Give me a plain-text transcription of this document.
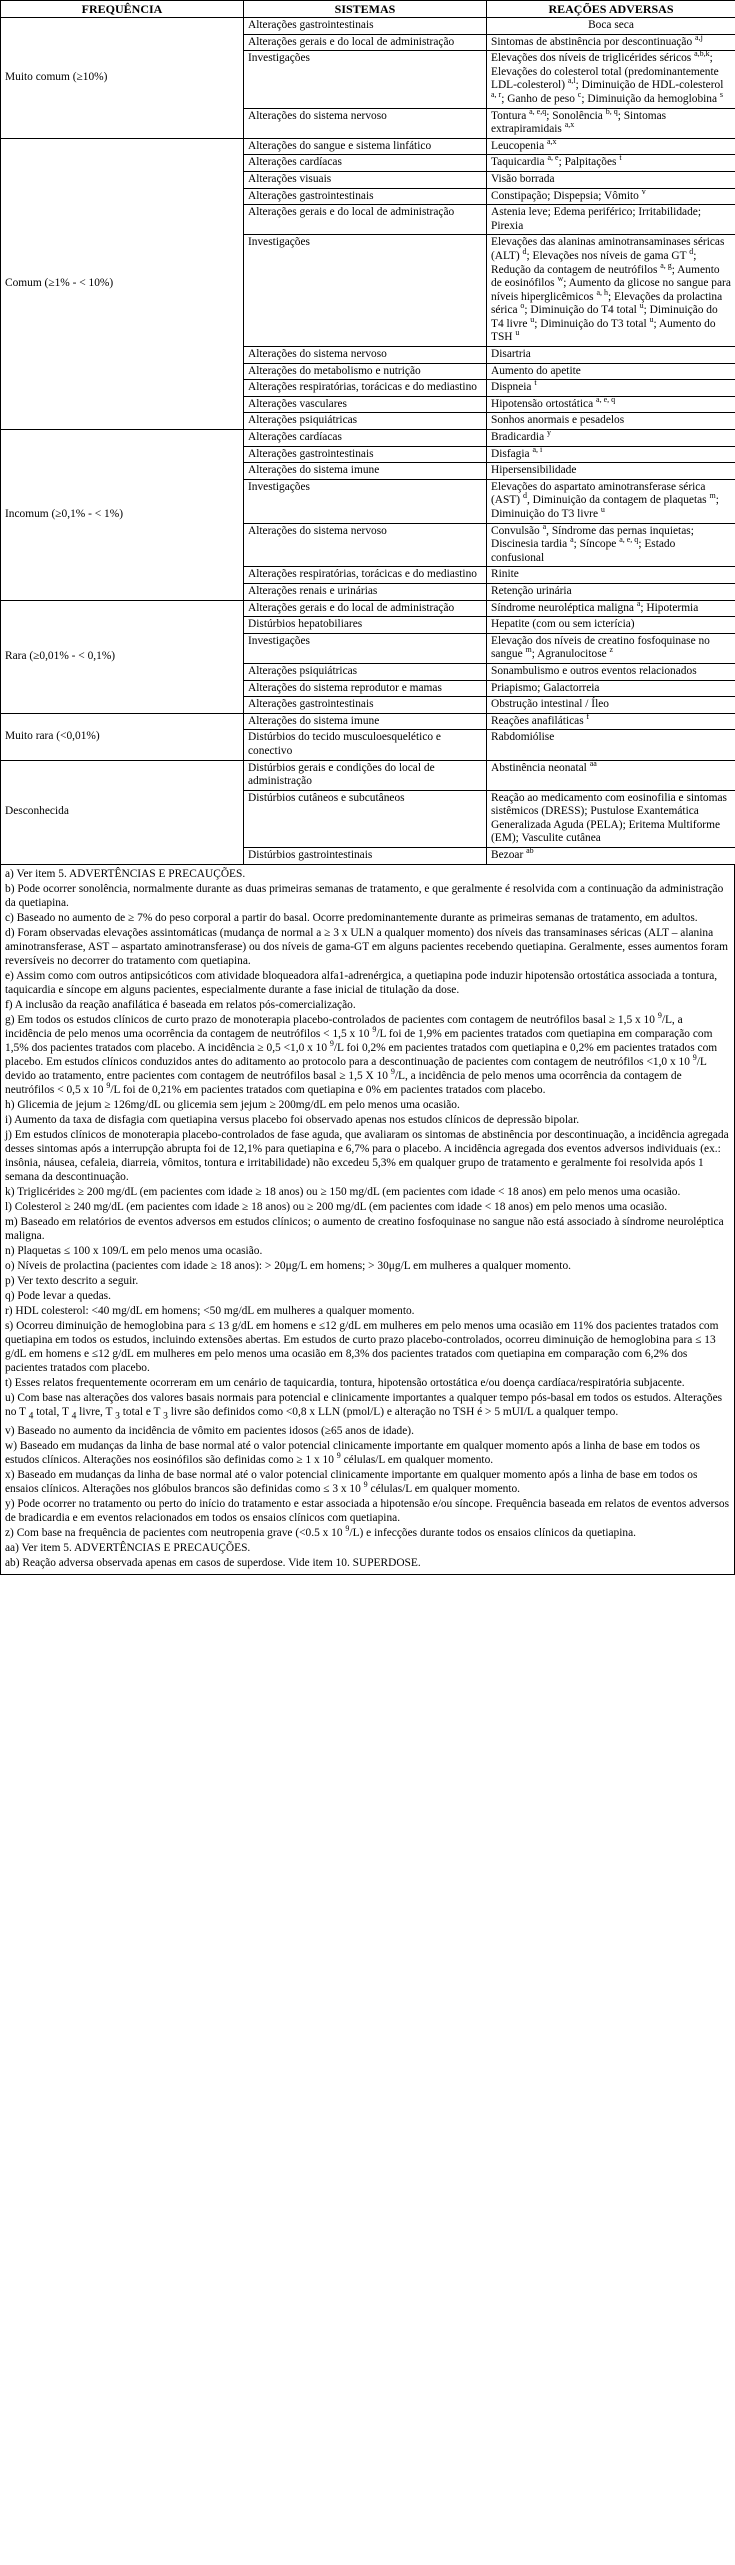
FREQUÊNCIA	SISTEMAS	REAÇÕES ADVERSAS
Muito comum (≥10%)	Alterações gastrointestinais	Boca seca
	Alterações gerais e do local de administração	Sintomas de abstinência por descontinuação $^{a,j}$
	Investigações	Elevações dos níveis de triglicérides séricos $^{a,b,k}$; Elevações do colesterol total (predominantemente LDL-colesterol) $^{a,l}$; Diminuição de HDL-colesterol $^{a, r}$; Ganho de peso $^c$; Diminuição da hemoglobina $^s$
	Alterações do sistema nervoso	Tontura $^{a, e,q}$; Sonolência $^{b, q}$; Sintomas extrapiramidais $^{a,x}$
Comum (≥1% - < 10%)	Alterações do sangue e sistema linfático	Leucopenia $^{a,x}$
	Alterações cardíacas	Taquicardia $^{a, e}$; Palpitações $^t$
	Alterações visuais	Visão borrada
	Alterações gastrointestinais	Constipação; Dispepsia; Vômito $^v$
	Alterações gerais e do local de administração	Astenia leve; Edema periférico; Irritabilidade; Pirexia
	Investigações	Elevações das alaninas aminotransaminases séricas (ALT) $^d$; Elevações nos níveis de gama GT $^d$; Redução da contagem de neutrófilos $^{a, g}$; Aumento de eosinófilos $^w$; Aumento da glicose no sangue para níveis hiperglicêmicos $^{a, h}$; Elevações da prolactina sérica $^o$; Diminuição do T4 total $^u$; Diminuição do T4 livre $^u$; Diminuição do T3 total $^u$; Aumento do TSH $^u$
	Alterações do sistema nervoso	Disartria
	Alterações do metabolismo e nutrição	Aumento do apetite
	Alterações respiratórias, torácicas e do mediastino	Dispneia $^t$
	Alterações vasculares	Hipotensão ortostática $^{a, e, q}$
	Alterações psiquiátricas	Sonhos anormais e pesadelos
Incomum (≥0,1% - < 1%)	Alterações cardíacas	Bradicardia $^y$
	Alterações gastrointestinais	Disfagia $^{a, i}$
	Alterações do sistema imune	Hipersensibilidade
	Investigações	Elevações do aspartato aminotransferase sérica (AST) $^d$, Diminuição da contagem de plaquetas $^m$; Diminuição do T3 livre $^u$
	Alterações do sistema nervoso	Convulsão $^a$, Síndrome das pernas inquietas; Discinesia tardia $^a$; Síncope $^{a, e, q}$; Estado confusional
	Alterações respiratórias, torácicas e do mediastino	Rinite
	Alterações renais e urinárias	Retenção urinária
Rara (≥0,01% - < 0,1%)	Alterações gerais e do local de administração	Síndrome neuroléptica maligna $^a$; Hipotermia
	Distúrbios hepatobiliares	Hepatite (com ou sem icterícia)
	Investigações	Elevação dos níveis de creatino fosfoquinase no sangue $^m$; Agranulocitose $^z$
	Alterações psiquiátricas	Sonambulismo e outros eventos relacionados
	Alterações do sistema reprodutor e mamas	Priapismo; Galactorreia
	Alterações gastrointestinais	Obstrução intestinal / Íleo
Muito rara (<0,01%)	Alterações do sistema imune	Reações anafiláticas $^f$
	Distúrbios do tecido musculoesquelético e conectivo	Rabdomiólise
Desconhecida	Distúrbios gerais e condições do local de administração	Abstinência neonatal $^{aa}$
	Distúrbios cutâneos e subcutâneos	Reação ao medicamento com eosinofilia e sintomas sistêmicos (DRESS); Pustulose Exantemática Generalizada Aguda (PELA); Eritema Multiforme (EM); Vasculite cutânea
	Distúrbios gastrointestinais	Bezoar $^{ab}$

a) Ver item 5. ADVERTÊNCIAS E PRECAUÇÕES.

b) Pode ocorrer sonolência, normalmente durante as duas primeiras semanas de tratamento, e que geralmente é resolvida com a continuação da administração da quetiapina.

c) Baseado no aumento de ≥ 7% do peso corporal a partir do basal. Ocorre predominantemente durante as primeiras semanas de tratamento, em adultos.

d) Foram observadas elevações assintomáticas (mudança de normal a ≥ 3 x ULN a qualquer momento) dos níveis das transaminases séricas (ALT – alanina aminotransferase, AST – aspartato aminotransferase) ou dos níveis de gama-GT em alguns pacientes recebendo quetiapina. Geralmente, esses aumentos foram reversíveis no decorrer do tratamento com quetiapina.

e) Assim como com outros antipsicóticos com atividade bloqueadora alfa1-adrenérgica, a quetiapina pode induzir hipotensão ortostática associada a tontura, taquicardia e síncope em alguns pacientes, especialmente durante a fase inicial de titulação da dose.

f) A inclusão da reação anafilática é baseada em relatos pós-comercialização.

g) Em todos os estudos clínicos de curto prazo de monoterapia placebo-controlados de pacientes com contagem de neutrófilos basal ≥ 1,5 x 10 $^9$/L, a incidência de pelo menos uma ocorrência da contagem de neutrófilos < 1,5 x 10 $^9$/L foi de 1,9% em pacientes tratados com quetiapina em comparação com 1,5% dos pacientes tratados com placebo. A incidência ≥ 0,5 <1,0 x 10 $^9$/L foi 0,2% em pacientes tratados com quetiapina e 0,2% em pacientes tratados com placebo. Em estudos clínicos conduzidos antes do aditamento ao protocolo para a descontinuação de pacientes com contagem de neutrófilos <1,0 x 10 $^9$/L devido ao tratamento, entre pacientes com contagem de neutrófilos basal ≥ 1,5 X 10 $^9$/L, a incidência de pelo menos uma ocorrência da contagem de neutrófilos < 0,5 x 10 $^9$/L foi de 0,21% em pacientes tratados com quetiapina e 0% em pacientes tratados com placebo.

h) Glicemia de jejum ≥ 126mg/dL ou glicemia sem jejum ≥ 200mg/dL em pelo menos uma ocasião.

i) Aumento da taxa de disfagia com quetiapina versus placebo foi observado apenas nos estudos clínicos de depressão bipolar.

j) Em estudos clínicos de monoterapia placebo-controlados de fase aguda, que avaliaram os sintomas de abstinência por descontinuação, a incidência agregada desses sintomas após a interrupção abrupta foi de 12,1% para quetiapina e 6,7% para o placebo. A incidência agregada dos eventos adversos individuais (ex.: insônia, náusea, cefaleia, diarreia, vômitos, tontura e irritabilidade) não excedeu 5,3% em qualquer grupo de tratamento e geralmente foi resolvida após 1 semana da descontinuação.

k) Triglicérides ≥ 200 mg/dL (em pacientes com idade ≥ 18 anos) ou ≥ 150 mg/dL (em pacientes com idade < 18 anos) em pelo menos uma ocasião.

l) Colesterol ≥ 240 mg/dL (em pacientes com idade ≥ 18 anos) ou ≥ 200 mg/dL (em pacientes com idade < 18 anos) em pelo menos uma ocasião.

m) Baseado em relatórios de eventos adversos em estudos clínicos; o aumento de creatino fosfoquinase no sangue não está associado à síndrome neuroléptica maligna.

n) Plaquetas ≤ 100 x 109/L em pelo menos uma ocasião.

o) Níveis de prolactina (pacientes com idade ≥ 18 anos): > 20μg/L em homens; > 30μg/L em mulheres a qualquer momento.

p) Ver texto descrito a seguir.

q) Pode levar a quedas.

r) HDL colesterol: <40 mg/dL em homens; <50 mg/dL em mulheres a qualquer momento.

s) Ocorreu diminuição de hemoglobina para ≤ 13 g/dL em homens e ≤12 g/dL em mulheres em pelo menos uma ocasião em 11% dos pacientes tratados com quetiapina em todos os estudos, incluindo extensões abertas. Em estudos de curto prazo placebo-controlados, ocorreu diminuição de hemoglobina para ≤ 13 g/dL em homens e ≤12 g/dL em mulheres em pelo menos uma ocasião em 8,3% dos pacientes tratados com quetiapina em comparação com 6,2% dos pacientes tratados com placebo.

t) Esses relatos frequentemente ocorreram em um cenário de taquicardia, tontura, hipotensão ortostática e/ou doença cardíaca/respiratória subjacente.

u) Com base nas alterações dos valores basais normais para potencial e clinicamente importantes a qualquer tempo pós-basal em todos os estudos. Alterações no T $_4$ total, T $_4$ livre, T $_3$ total e T $_3$ livre são definidos como <0,8 x LLN (pmol/L) e alteração no TSH é > 5 mUI/L a qualquer tempo.

v) Baseado no aumento da incidência de vômito em pacientes idosos (≥65 anos de idade).

w) Baseado em mudanças da linha de base normal até o valor potencial clinicamente importante em qualquer momento após a linha de base em todos os estudos clínicos. Alterações nos eosinófilos são definidas como ≥ 1 x 10 $^9$ células/L em qualquer momento.

x) Baseado em mudanças da linha de base normal até o valor potencial clinicamente importante em qualquer momento após a linha de base em todos os ensaios clínicos. Alterações nos glóbulos brancos são definidas como ≤ 3 x 10 $^9$ células/L em qualquer momento.

y) Pode ocorrer no tratamento ou perto do início do tratamento e estar associada a hipotensão e/ou síncope. Frequência baseada em relatos de eventos adversos de bradicardia e em eventos relacionados em todos os ensaios clínicos com quetiapina.

z) Com base na frequência de pacientes com neutropenia grave (<0.5 x 10 $^9$/L) e infecções durante todos os ensaios clínicos da quetiapina.

aa) Ver item 5. ADVERTÊNCIAS E PRECAUÇÕES.

ab) Reação adversa observada apenas em casos de superdose. Vide item 10. SUPERDOSE.
